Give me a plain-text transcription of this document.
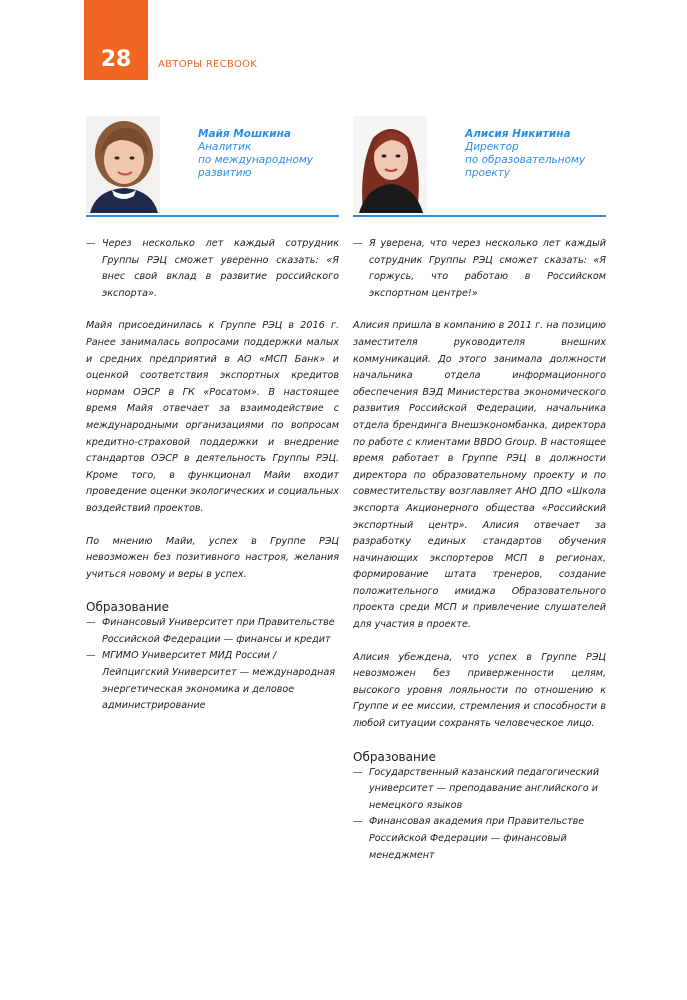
28	АВТОРЫ RECBOOK

Майя Мошкина

Аналитик

по международному

развитию

— Через несколько лет каждый сотрудник Группы РЭЦ сможет уверенно сказать: «Я внес свой вклад в развитие российского экспорта».

Майя присоединилась к Группе РЭЦ в 2016 г. Ранее занималась вопросами поддержки малых и средних предприятий в АО «МСП Банк» и оценкой соответствия экспортных кредитов нормам ОЭСР в ГК «Росатом». В настоящее время Майя отвечает за взаимодействие с международными организациями по вопросам кредитно-страховой поддержки и внедрение стандартов ОЭСР в деятельность Группы РЭЦ. Кроме того, в функционал Майи входит проведение оценки экологических и социальных воздействий проектов.

По мнению Майи, успех в Группе РЭЦ невозможен без позитивного настроя, желания учиться новому и веры в успех.

Образование
— Финансовый Университет при Правительстве Российской Федерации — финансы и кредит

— МГИМО Университет МИД России / Лейпцигский Университет — международная энергетическая экономика и деловое администрирование

Алисия Никитина

Директор

по образовательному

проекту

— Я уверена, что через несколько лет каждый сотрудник Группы РЭЦ сможет сказать: «Я горжусь, что работаю в Российском экспортном центре!»

Алисия пришла в компанию в 2011 г. на позицию заместителя руководителя внешних коммуникаций. До этого занимала должности начальника отдела информационного обеспечения ВЭД Министерства экономического развития Российской Федерации, начальника отдела брендинга Внешэкономбанка, директора по работе с клиентами BBDO Group. В настоящее время работает в Группе РЭЦ в должности директора по образовательному проекту и по совместительству возглавляет АНО ДПО «Школа экспорта Акционерного общества «Российский экспортный центр». Алисия отвечает за разработку единых стандартов обучения начинающих экспортеров МСП в регионах, формирование штата тренеров, создание положительного имиджа Образовательного проекта среди МСП и привлечение слушателей для участия в проекте.

Алисия убеждена, что успех в Группе РЭЦ невозможен без приверженности целям, высокого уровня лояльности по отношению к Группе и ее миссии, стремления и способности в любой ситуации сохранять человеческое лицо.

Образование
— Государственный казанский педагогический университет — преподавание английского и немецкого языков

— Финансовая академия при Правительстве Российской Федерации — финансовый менеджмент
